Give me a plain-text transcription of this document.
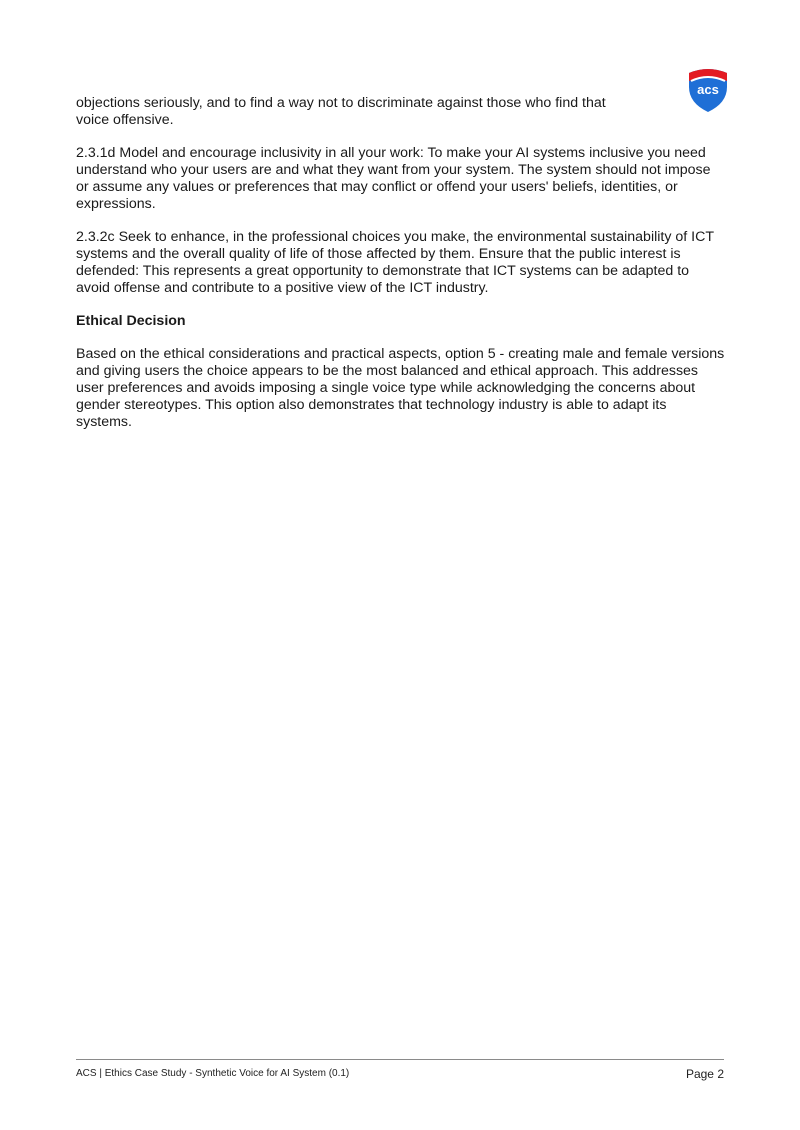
acs

objections seriously, and to find a way not to discriminate against those who find that voice offensive.

2.3.1d Model and encourage inclusivity in all your work: To make your AI systems inclusive you need understand who your users are and what they want from your system. The system should not impose or assume any values or preferences that may conflict or offend your users' beliefs, identities, or expressions.

2.3.2c Seek to enhance, in the professional choices you make, the environmental sustainability of ICT systems and the overall quality of life of those affected by them. Ensure that the public interest is defended: This represents a great opportunity to demonstrate that ICT systems can be adapted to avoid offense and contribute to a positive view of the ICT industry.

Ethical Decision

Based on the ethical considerations and practical aspects, option 5 - creating male and female versions and giving users the choice appears to be the most balanced and ethical approach. This addresses user preferences and avoids imposing a single voice type while acknowledging the concerns about gender stereotypes. This option also demonstrates that technology industry is able to adapt its systems.

ACS | Ethics Case Study - Synthetic Voice for AI System (0.1)	Page 2
